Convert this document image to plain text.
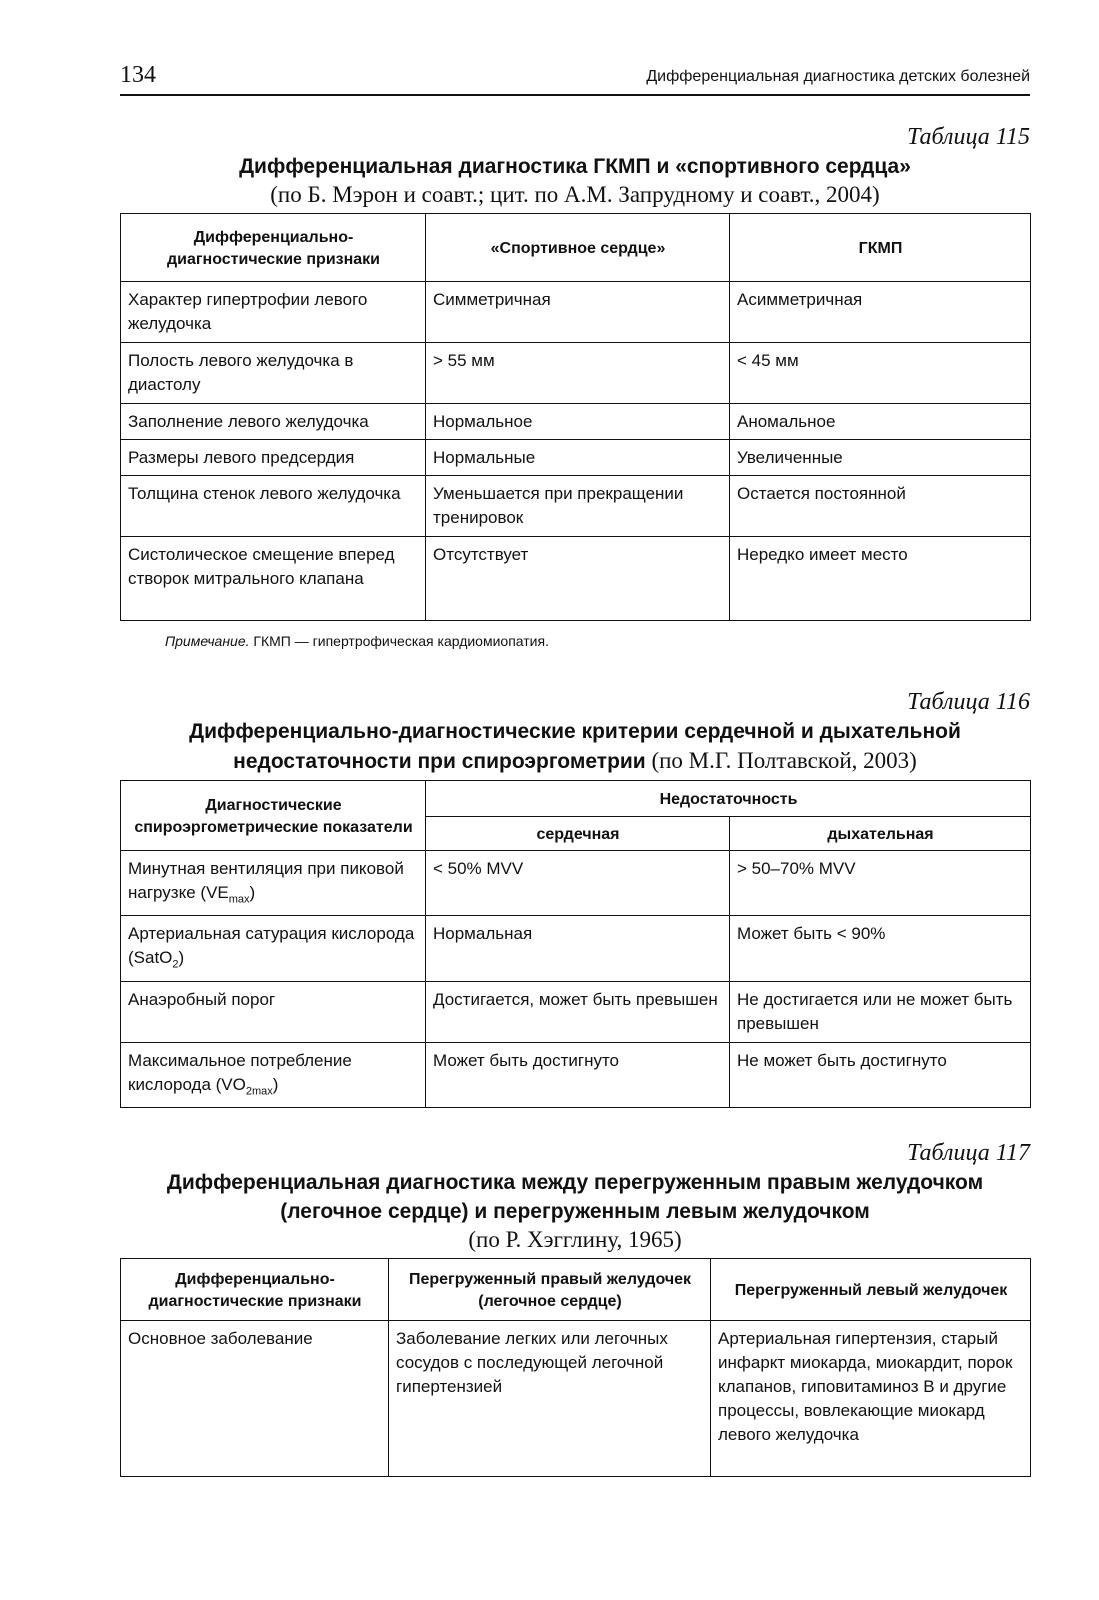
134	Дифференциальная диагностика детских болезней

Таблица 115

Дифференциальная диагностика ГКМП и «спортивного сердца»

(по Б. Мэрон и соавт.; цит. по А.М. Запрудному и соавт., 2004)

Дифференциально-диагностические признаки	«Спортивное сердце»	ГКМП
Характер гипертрофии левого желудочка	Симметричная	Асимметричная
Полость левого желудочка в диастолу	> 55 мм	< 45 мм
Заполнение левого желудочка	Нормальное	Аномальное
Размеры левого предсердия	Нормальные	Увеличенные
Толщина стенок левого желудочка	Уменьшается при прекращении тренировок	Остается постоянной
Систолическое смещение вперед створок митрального клапана	Отсутствует	Нередко имеет место

Примечание. ГКМП — гипертрофическая кардиомиопатия.

Таблица 116

Дифференциально-диагностические критерии сердечной и дыхательной
недостаточности при спироэргометрии (по М.Г. Полтавской, 2003)

Диагностические спироэргометрические показатели	Недостаточность	
	сердечная	дыхательная
Минутная вентиляция при пиковой нагрузке $(VE_{max})$	< 50% MVV	> 50–70% MVV
Артериальная сатурация кислорода (SatO$_2$)	Нормальная	Может быть < 90%
Анаэробный порог	Достигается, может быть превышен	Не достигается или не может быть превышен
Максимальное потребление кислорода $(VO_{2max})$	Может быть достигнуто	Не может быть достигнуто

Таблица 117

Дифференциальная диагностика между перегруженным правым желудочком
(легочное сердце) и перегруженным левым желудочком

(по Р. Хэгглину, 1965)

Дифференциально-диагностические признаки	Перегруженный правый желудочек (легочное сердце)	Перегруженный левый желудочек
Основное заболевание	Заболевание легких или легочных сосудов с последующей легочной гипертензией	Артериальная гипертензия, старый инфаркт миокарда, миокардит, порок клапанов, гиповитаминоз B и другие процессы, вовлекающие миокард левого желудочка
